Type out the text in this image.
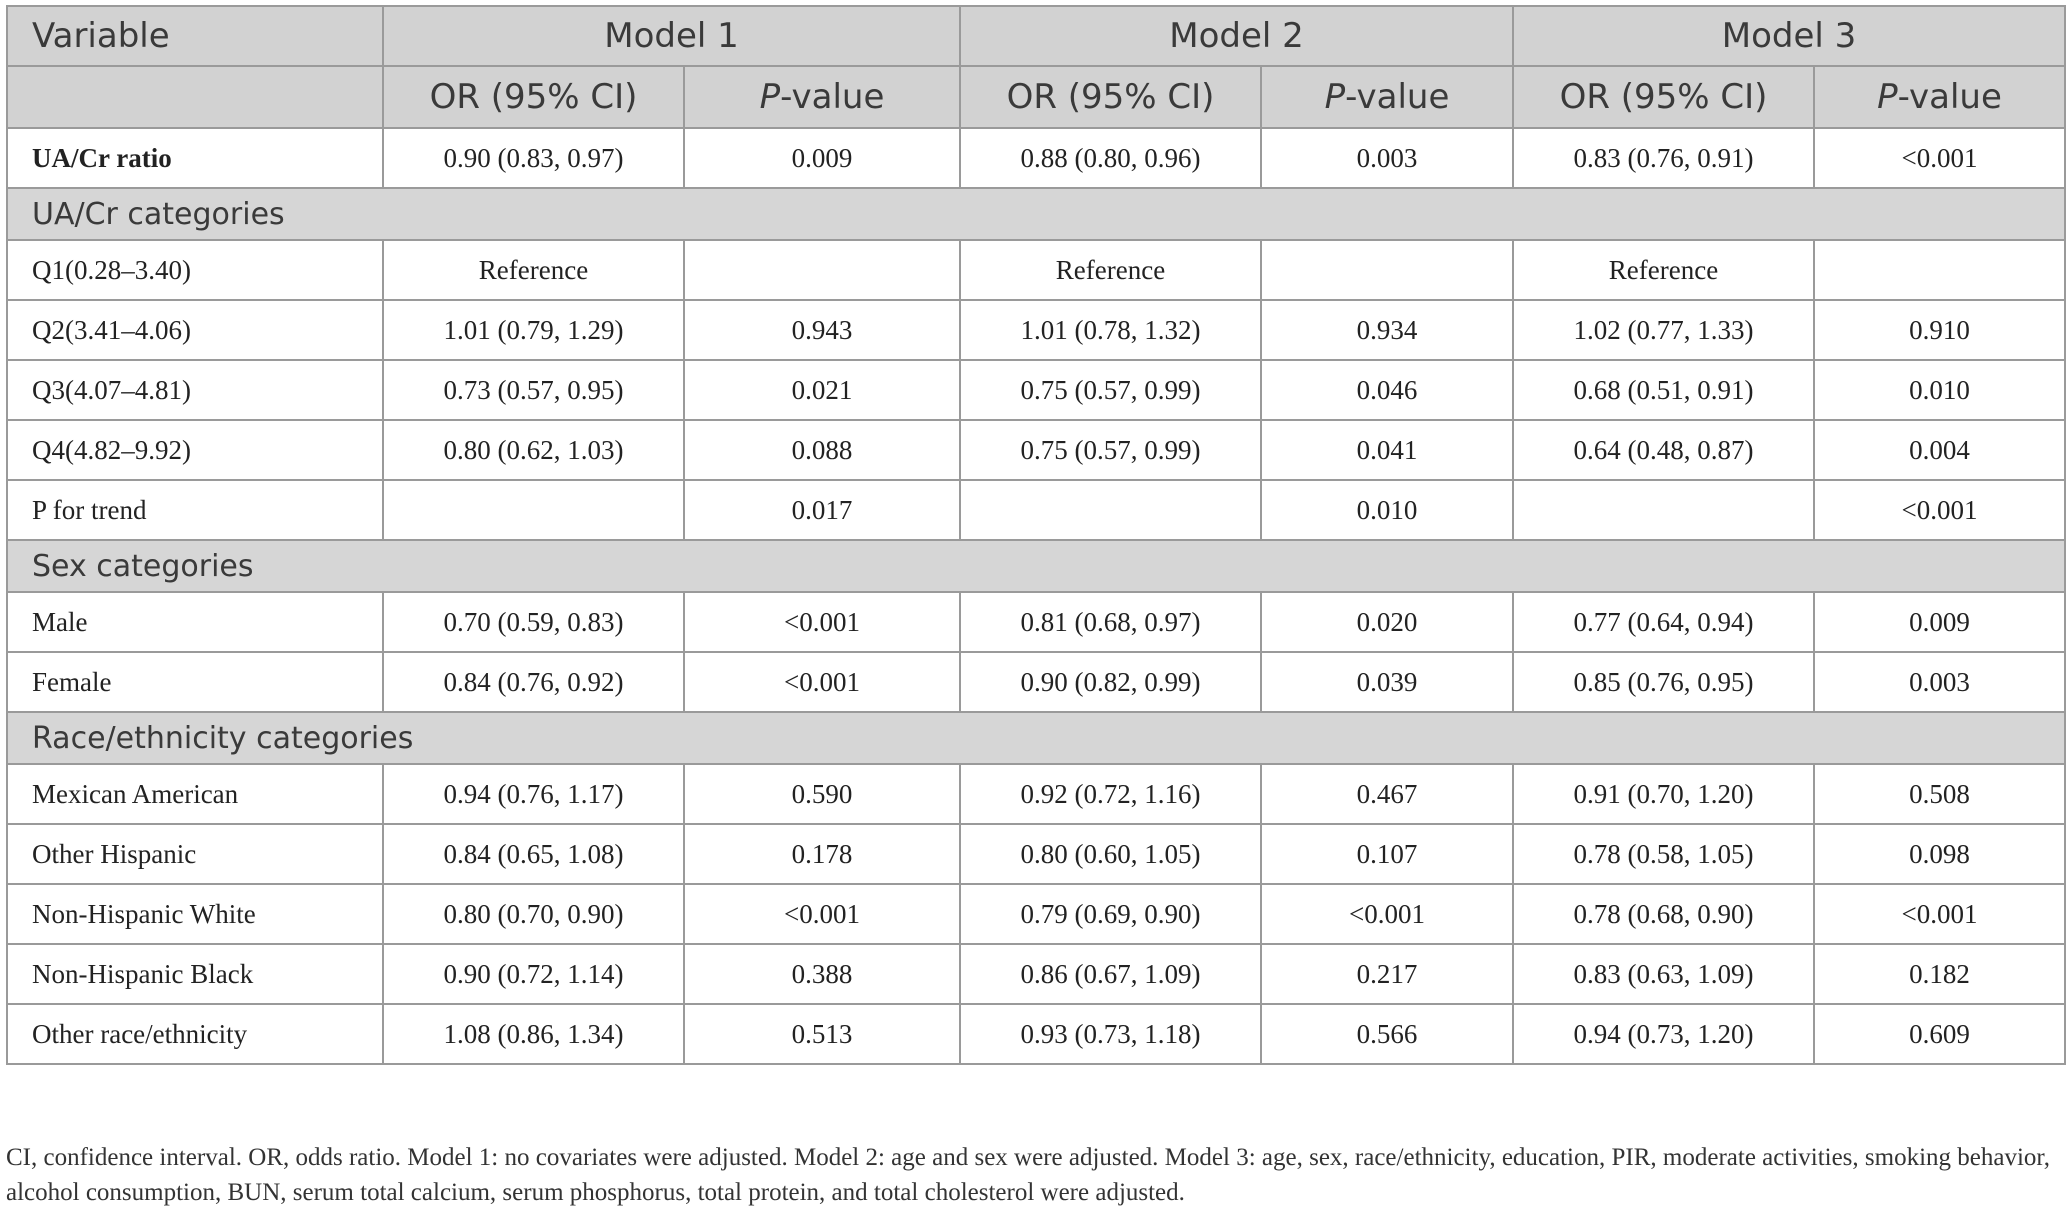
Variable	Model 1		Model 2		Model 3	
	OR (95% CI)	P-value	OR (95% CI)	P-value	OR (95% CI)	P-value
UA/Cr ratio	0.90 (0.83, 0.97)	0.009	0.88 (0.80, 0.96)	0.003	0.83 (0.76, 0.91)	<0.001
UA/Cr categories						
Q1(0.28–3.40)	Reference		Reference		Reference	
Q2(3.41–4.06)	1.01 (0.79, 1.29)	0.943	1.01 (0.78, 1.32)	0.934	1.02 (0.77, 1.33)	0.910
Q3(4.07–4.81)	0.73 (0.57, 0.95)	0.021	0.75 (0.57, 0.99)	0.046	0.68 (0.51, 0.91)	0.010
Q4(4.82–9.92)	0.80 (0.62, 1.03)	0.088	0.75 (0.57, 0.99)	0.041	0.64 (0.48, 0.87)	0.004
P for trend		0.017		0.010		<0.001
Sex categories						
Male	0.70 (0.59, 0.83)	<0.001	0.81 (0.68, 0.97)	0.020	0.77 (0.64, 0.94)	0.009
Female	0.84 (0.76, 0.92)	<0.001	0.90 (0.82, 0.99)	0.039	0.85 (0.76, 0.95)	0.003
Race/ethnicity categories						
Mexican American	0.94 (0.76, 1.17)	0.590	0.92 (0.72, 1.16)	0.467	0.91 (0.70, 1.20)	0.508
Other Hispanic	0.84 (0.65, 1.08)	0.178	0.80 (0.60, 1.05)	0.107	0.78 (0.58, 1.05)	0.098
Non-Hispanic White	0.80 (0.70, 0.90)	<0.001	0.79 (0.69, 0.90)	<0.001	0.78 (0.68, 0.90)	<0.001
Non-Hispanic Black	0.90 (0.72, 1.14)	0.388	0.86 (0.67, 1.09)	0.217	0.83 (0.63, 1.09)	0.182
Other race/ethnicity	1.08 (0.86, 1.34)	0.513	0.93 (0.73, 1.18)	0.566	0.94 (0.73, 1.20)	0.609
CI, confidence interval. OR, odds ratio. Model 1: no covariates were adjusted. Model 2: age and sex were adjusted. Model 3: age, sex, race/ethnicity, education, PIR, moderate activities, smoking behavior, alcohol consumption, BUN, serum total calcium, serum phosphorus, total protein, and total cholesterol were adjusted.
